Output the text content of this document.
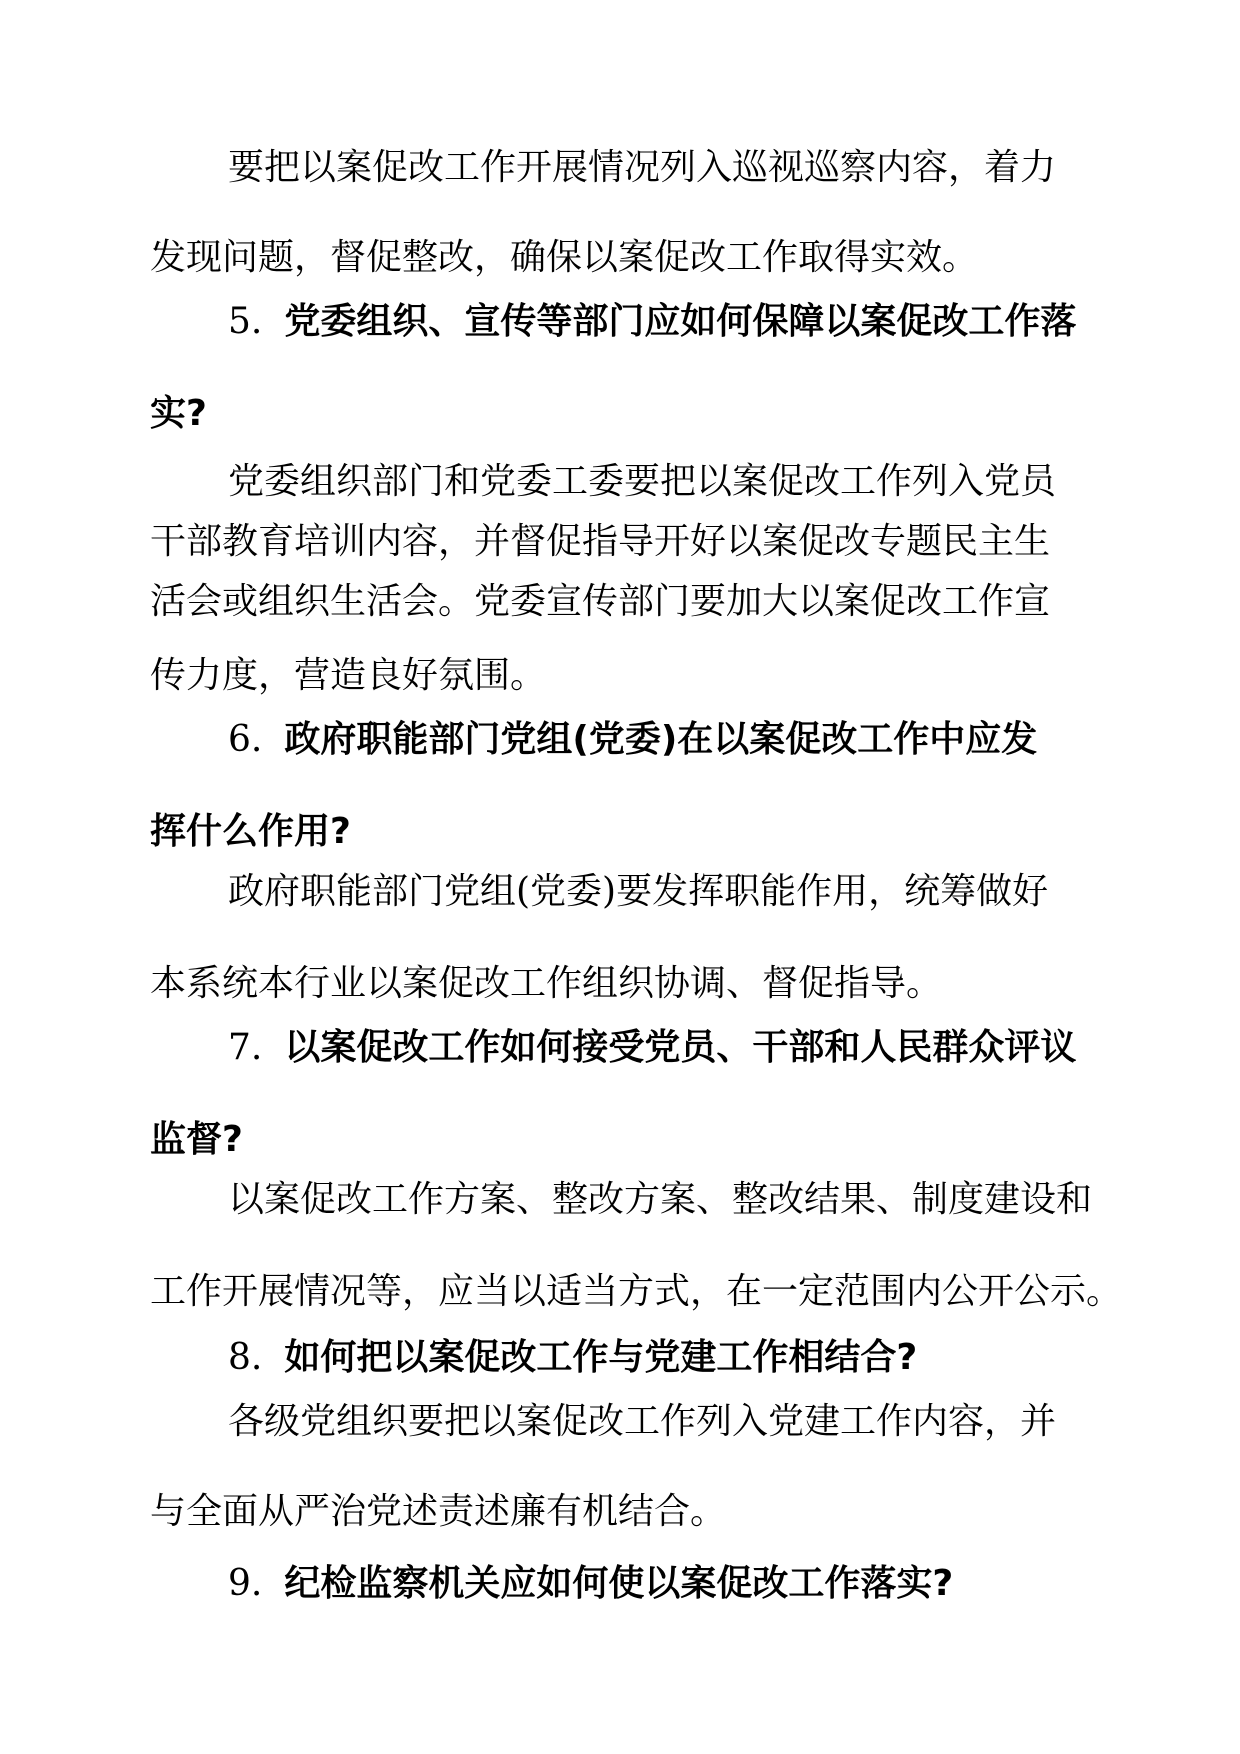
要把以案促改工作开展情况列入巡视巡察内容，着力
发现问题，督促整改，确保以案促改工作取得实效。
5. 党委组织、宣传等部门应如何保障以案促改工作落
实?
党委组织部门和党委工委要把以案促改工作列入党员
干部教育培训内容，并督促指导开好以案促改专题民主生
活会或组织生活会。党委宣传部门要加大以案促改工作宣
传力度，营造良好氛围。
6. 政府职能部门党组(党委)在以案促改工作中应发
挥什么作用?
政府职能部门党组(党委)要发挥职能作用，统筹做好
本系统本行业以案促改工作组织协调、督促指导。
7. 以案促改工作如何接受党员、干部和人民群众评议
监督?
以案促改工作方案、整改方案、整改结果、制度建设和
工作开展情况等，应当以适当方式，在一定范围内公开公示。
8. 如何把以案促改工作与党建工作相结合?
各级党组织要把以案促改工作列入党建工作内容，并
与全面从严治党述责述廉有机结合。
9. 纪检监察机关应如何使以案促改工作落实?
